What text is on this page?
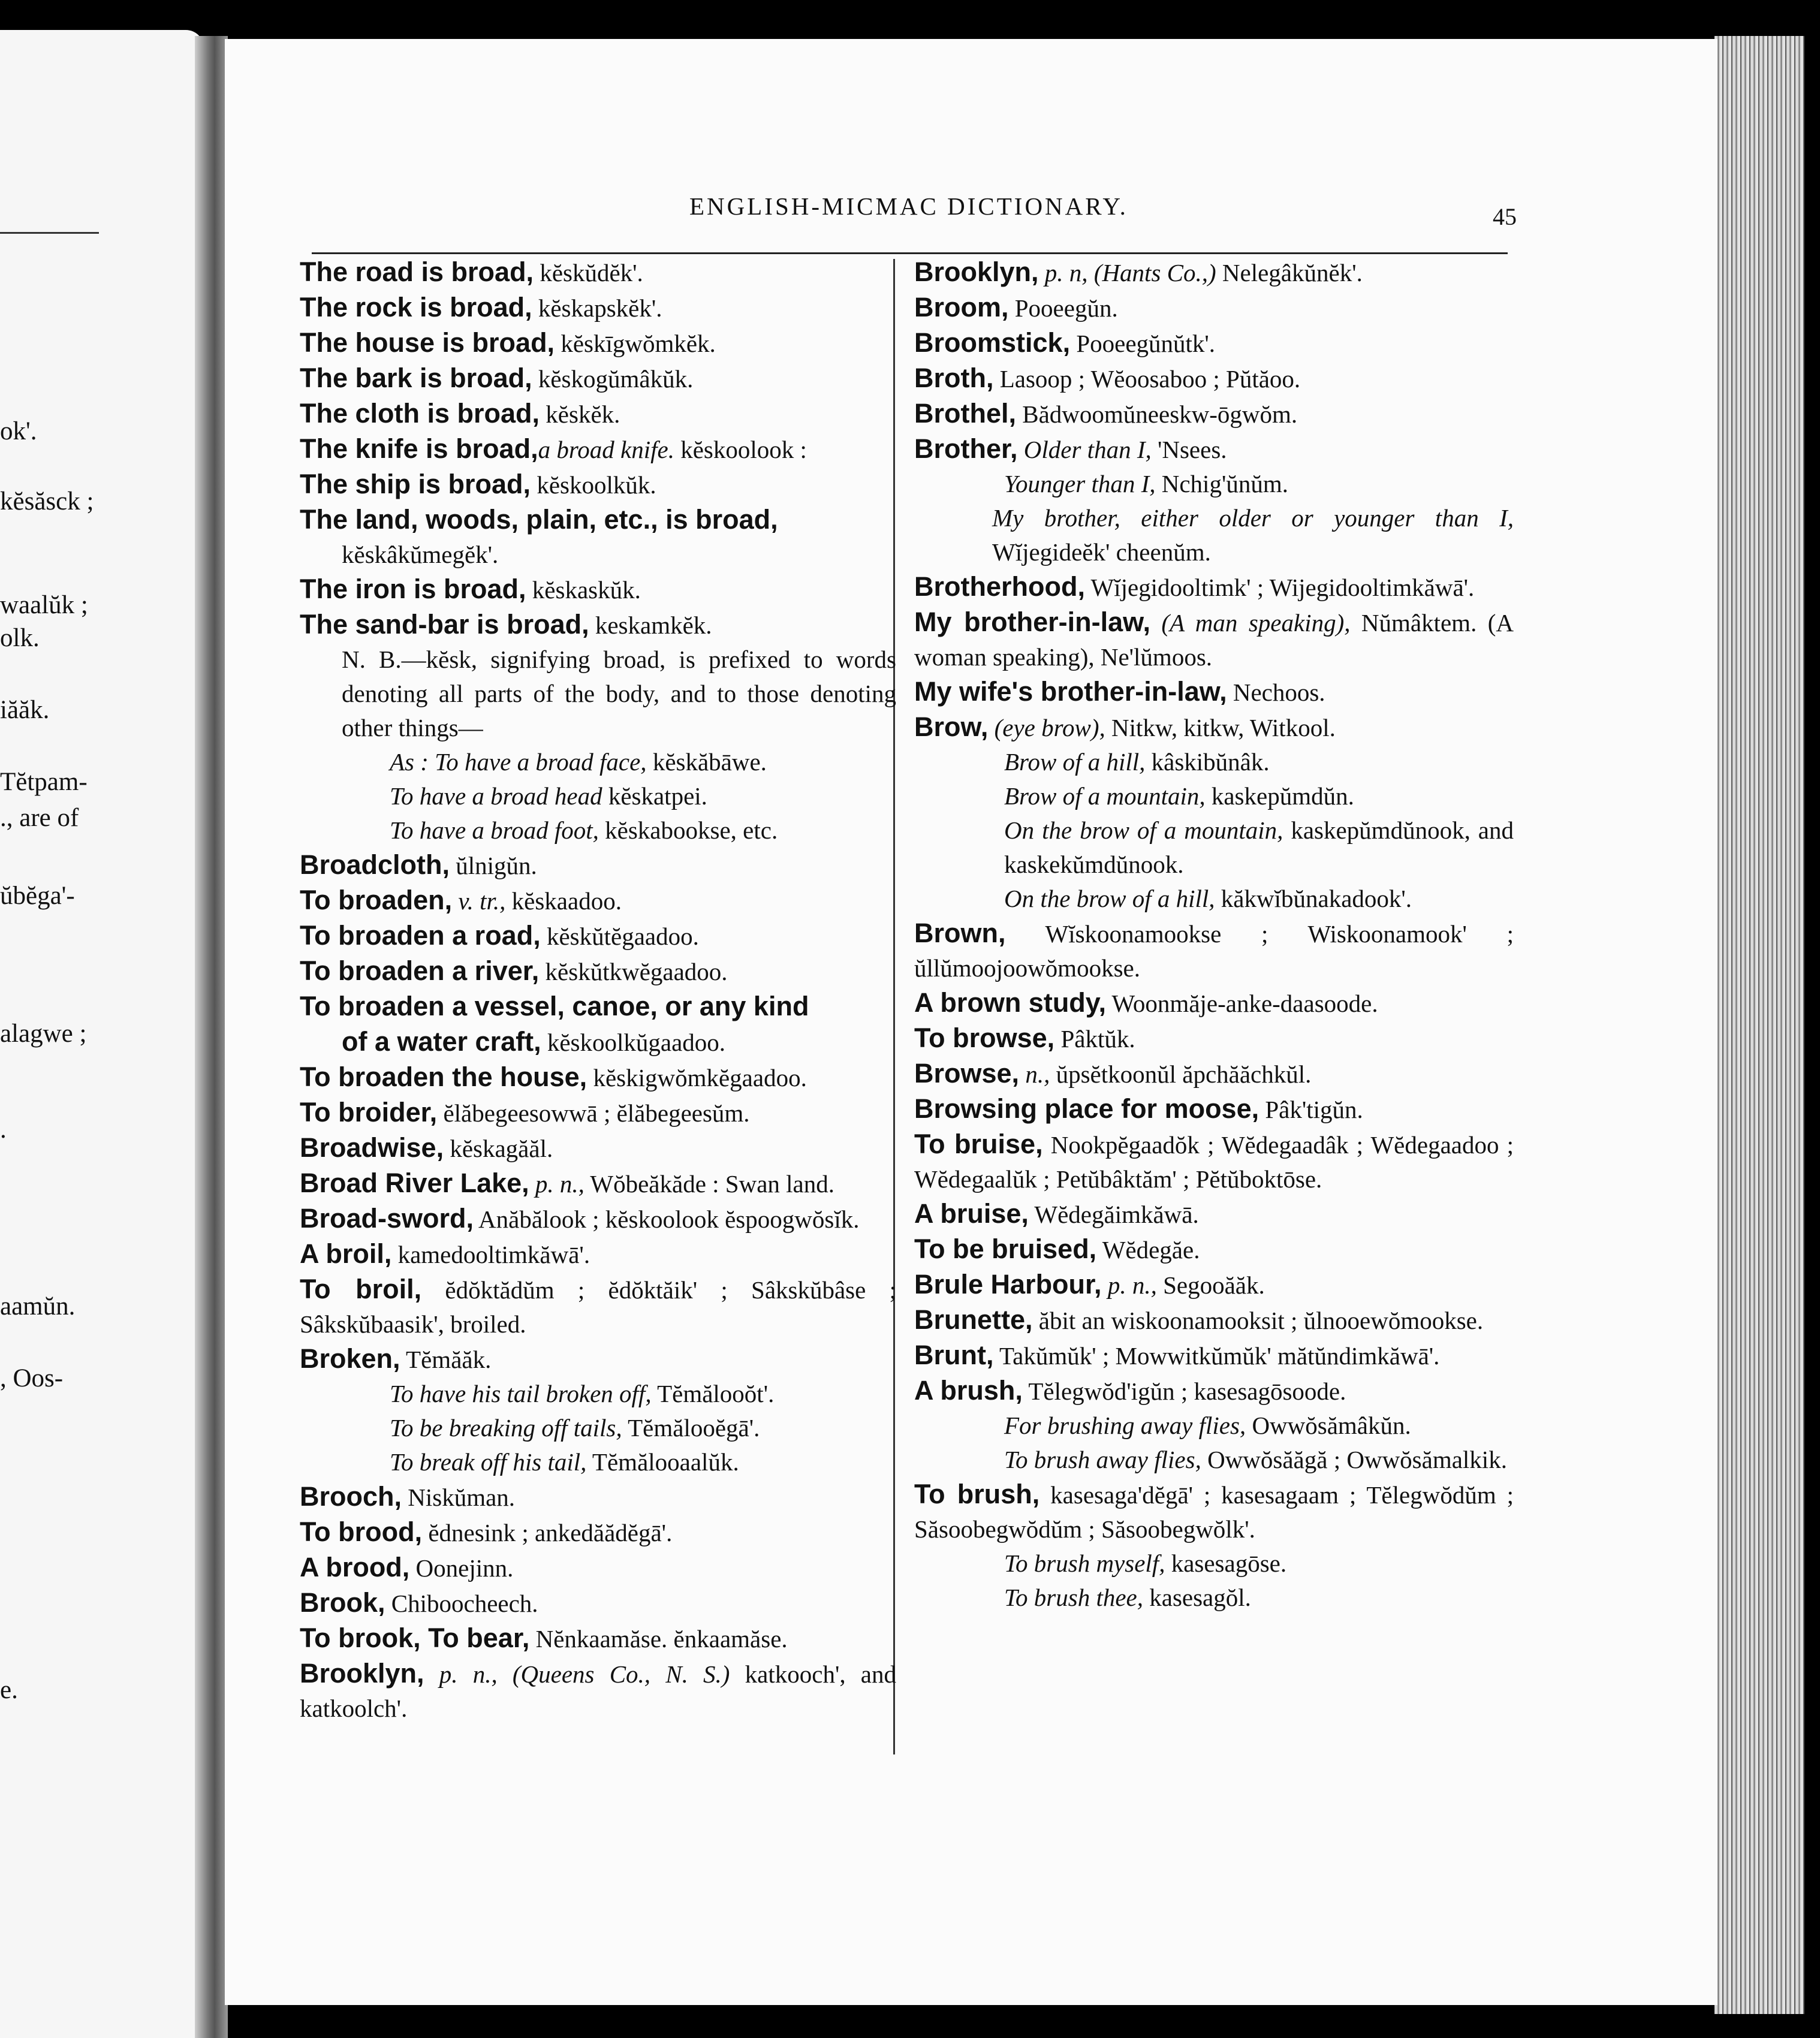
ok'.
kĕsăsck ;
waalŭk ;
olk.
iăăk.
Tĕtpam-
., are of
ŭbĕga'-
alagwe ;
.
aamŭn.
, Oos-
e.
ENGLISH-MICMAC DICTIONARY.	45
The road is broad, kĕskŭdĕk'.
The rock is broad, kĕskapskĕk'.
The house is broad, kĕskīgwŏmkĕk.
The bark is broad, kĕskogŭmâkŭk.
The cloth is broad, kĕskĕk.
The knife is broad,a broad knife. kĕskoolook :
The ship is broad, kĕskoolkŭk.
The land, woods, plain, etc., is broad,
kĕskâkŭmegĕk'.
The iron is broad, kĕskaskŭk.
The sand-bar is broad, keskamkĕk.
N. B.—kĕsk, signifying broad, is prefixed to words denoting all parts of the body, and to those denoting other things—
As : To have a broad face, kĕskăbāwe.
To have a broad head kĕskatpei.
To have a broad foot, kĕskabookse, etc.
Broadcloth, ŭlnigŭn.
To broaden, v. tr., kĕskaadoo.
To broaden a road, kĕskŭtĕgaadoo.
To broaden a river, kĕskŭtkwĕgaadoo.
To broaden a vessel, canoe, or any kind
of a water craft, kĕskoolkŭgaadoo.
To broaden the house, kĕskigwŏmkĕgaadoo.
To broider, ĕlăbegeesowwā ; ĕlăbegeesŭm.
Broadwise, kĕskagăăl.
Broad River Lake, p. n., Wŏbeăkăde : Swan land.
Broad-sword, Anăbălook ; kĕskoolook ĕspoogwŏsĭk.
A broil, kamedooltimkăwā'.
To broil, ĕdŏktădŭm ; ĕdŏktăik' ; Sâkskŭbâse ; Sâkskŭbaasik', broiled.
Broken, Tĕmăăk.
To have his tail broken off, Tĕmălooŏt'.
To be breaking off tails, Tĕmălooĕgā'.
To break off his tail, Tĕmălooaalŭk.
Brooch, Niskŭman.
To brood, ĕdnesink ; ankedăădĕgā'.
A brood, Oonejinn.
Brook, Chiboocheech.
To brook, To bear, Nĕnkaamăse. ĕnkaamăse.
Brooklyn, p. n., (Queens Co., N. S.) katkooch', and katkoolch'.
Brooklyn, p. n, (Hants Co.,) Nelegâkŭnĕk'.
Broom, Pooeegŭn.
Broomstick, Pooeegŭnŭtk'.
Broth, Lasoop ; Wĕoosaboo ; Pŭtăoo.
Brothel, Bădwoomŭneeskw-ōgwŏm.
Brother, Older than I, 'Nsees.
Younger than I, Nchig'ŭnŭm.
My brother, either older or younger than I, Wĭjegideĕk' cheenŭm.
Brotherhood, Wĭjegidooltimk' ; Wijegidooltimkăwā'.
My brother-in-law, (A man speaking), Nŭmâktem. (A woman speaking), Ne'lŭmoos.
My wife's brother-in-law, Nechoos.
Brow, (eye brow), Nitkw, kitkw, Witkool.
Brow of a hill, kâskibŭnâk.
Brow of a mountain, kaskepŭmdŭn.
On the brow of a mountain, kaskepŭmdŭnook, and kaskekŭmdŭnook.
On the brow of a hill, kăkwĭbŭnakadook'.
Brown, Wĭskoonamookse ; Wiskoonamook' ; ŭllŭmoojoowŏmookse.
A brown study, Woonmăje-anke-daasoode.
To browse, Pâktŭk.
Browse, n., ŭpsĕtkoonŭl ăpchăăchkŭl.
Browsing place for moose, Pâk'tigŭn.
To bruise, Nookpĕgaadŏk ; Wĕdegaadâk ; Wĕdegaadoo ; Wĕdegaalŭk ; Petŭbâktăm' ; Pĕtŭboktōse.
A bruise, Wĕdegăimkăwā.
To be bruised, Wĕdegăe.
Brule Harbour, p. n., Segooăăk.
Brunette, ăbit an wiskoonamooksit ; ŭlnooewŏmookse.
Brunt, Takŭmŭk' ; Mowwitkŭmŭk' mătŭndimkăwā'.
A brush, Tĕlegwŏd'igŭn ; kasesagōsoode.
For brushing away flies, Owwŏsămâkŭn.
To brush away flies, Owwŏsăăgă ; Owwŏsămalkik.
To brush, kasesaga'dĕgā' ; kasesagaam ; Tĕlegwŏdŭm ; Săsoobegwŏdŭm ; Săsoobegwŏlk'.
To brush myself, kasesagōse.
To brush thee, kasesagŏl.
